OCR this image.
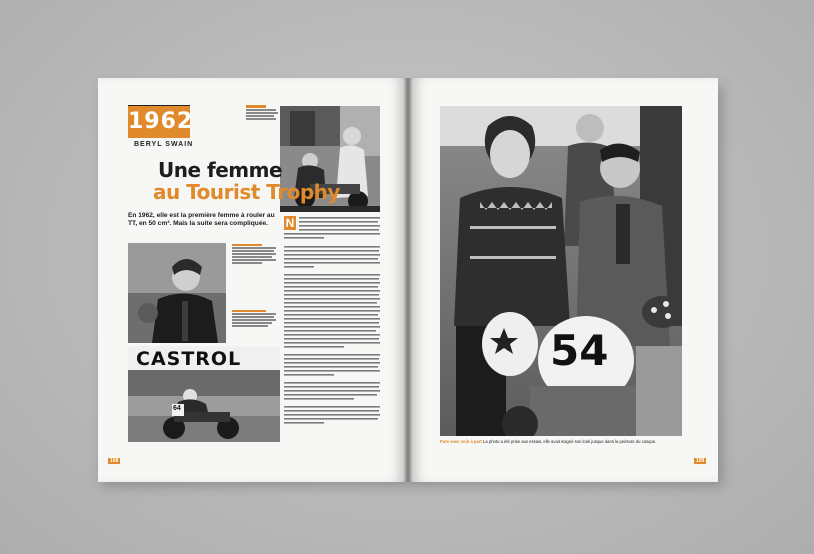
1962
BERYL SWAIN
Une femme
au Tourist Trophy
En 1962, elle est la première femme à rouler au TT, en 50 cm³. Mais la suite sera compliquée.
CASTROL
64
N
108
54
Paré avec soin à part La photo a été prise aux essais, elle avait soigné son look jusque dans la peinture du casque.
109
